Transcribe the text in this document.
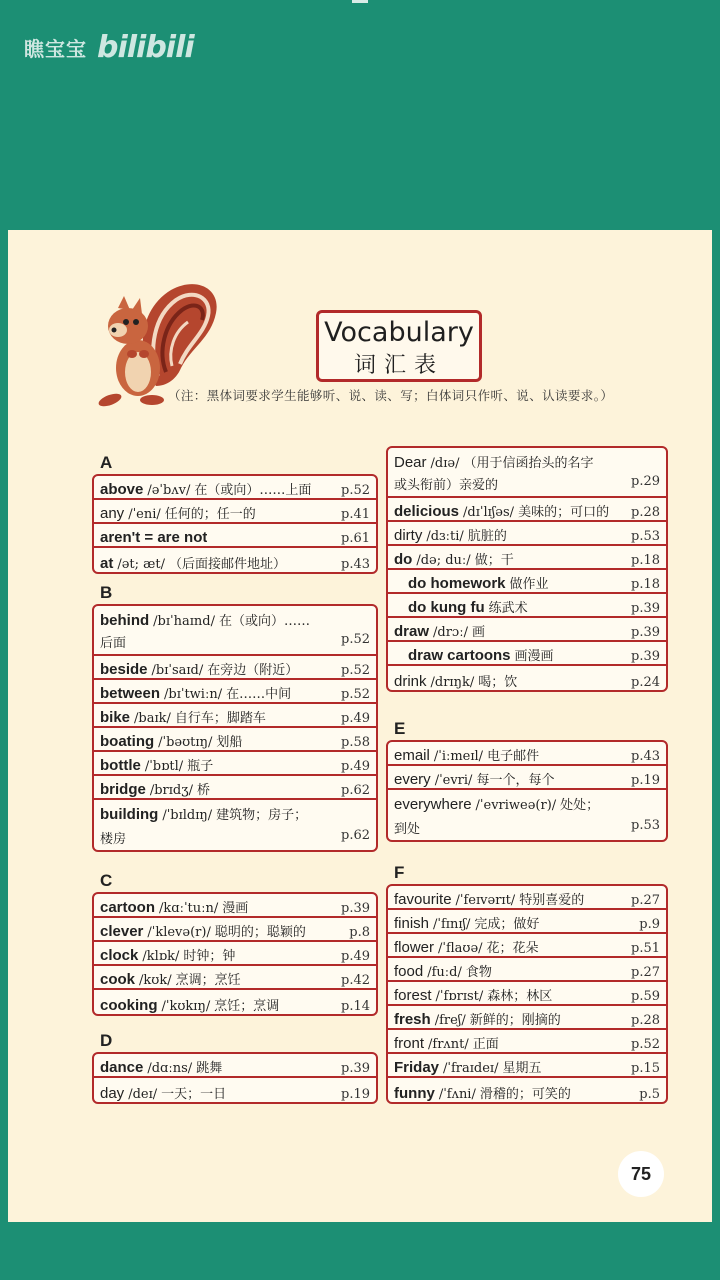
瞧宝宝 bilibili
Vocabulary
词汇表
（注：黑体词要求学生能够听、说、读、写；白体词只作听、说、认读要求。）
A
above /əˈbʌv/ 在（或向）……上面 p.52
any /ˈeni/ 任何的；任一的	p.41
aren't = are not	p.61
at /ət; æt/ （后面接邮件地址）	p.43
B
behind /bɪˈhaɪnd/ 在（或向）……
后面	p.52
beside /bɪˈsaɪd/ 在旁边（附近）	p.52
between /bɪˈtwiːn/ 在……中间	p.52
bike /baɪk/ 自行车；脚踏车	p.49
boating /ˈbəʊtɪŋ/ 划船	p.58
bottle /ˈbɒtl/ 瓶子	p.49
bridge /brɪdʒ/ 桥	p.62
building /ˈbɪldɪŋ/ 建筑物；房子；
楼房	p.62
C
cartoon /kɑːˈtuːn/ 漫画	p.39
clever /ˈklevə(r)/ 聪明的；聪颖的	p.8
clock /klɒk/ 时钟；钟	p.49
cook /kʊk/ 烹调；烹饪	p.42
cooking /ˈkʊkɪŋ/ 烹饪；烹调	p.14
D
dance /dɑːns/ 跳舞	p.39
day /deɪ/ 一天；一日	p.19
Dear /dɪə/ （用于信函抬头的名字
或头衔前）亲爱的	p.29
delicious /dɪˈlɪʃəs/ 美味的；可口的 p.28
dirty /dɜːti/ 肮脏的	p.53
do /də; duː/ 做；干	p.18
do homework 做作业	p.18
do kung fu 练武术	p.39
draw /drɔː/ 画	p.39
draw cartoons 画漫画	p.39
drink /drɪŋk/ 喝；饮	p.24
E
email /ˈiːmeɪl/ 电子邮件	p.43
every /ˈevri/ 每一个，每个	p.19
everywhere /ˈevriweə(r)/ 处处；
到处	p.53
F
favourite /ˈfeɪvərɪt/ 特别喜爱的	p.27
finish /ˈfɪnɪʃ/ 完成；做好	p.9
flower /ˈflaʊə/ 花；花朵	p.51
food /fuːd/ 食物	p.27
forest /ˈfɒrɪst/ 森林；林区	p.59
fresh /freʃ/ 新鲜的；刚摘的	p.28
front /frʌnt/ 正面	p.52
Friday /ˈfraɪdeɪ/ 星期五	p.15
funny /ˈfʌni/ 滑稽的；可笑的	p.5
75
